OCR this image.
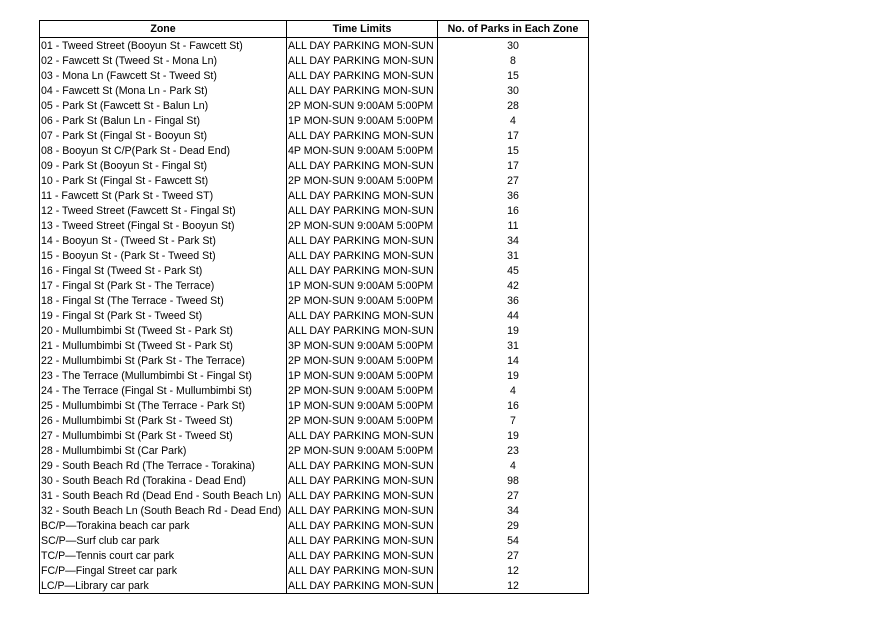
Zone	Time Limits	No. of Parks in Each Zone
01 - Tweed Street (Booyun St - Fawcett St)	ALL DAY PARKING MON-SUN	30
02 - Fawcett St (Tweed St - Mona Ln)	ALL DAY PARKING MON-SUN	8
03 - Mona Ln (Fawcett St - Tweed St)	ALL DAY PARKING MON-SUN	15
04 - Fawcett St (Mona Ln - Park St)	ALL DAY PARKING MON-SUN	30
05 - Park St (Fawcett St - Balun Ln)	2P MON-SUN 9:00AM 5:00PM	28
06 - Park St (Balun Ln - Fingal St)	1P MON-SUN 9:00AM 5:00PM	4
07 - Park St (Fingal St - Booyun St)	ALL DAY PARKING MON-SUN	17
08 - Booyun St C/P(Park St - Dead End)	4P MON-SUN 9:00AM 5:00PM	15
09 - Park St (Booyun St - Fingal St)	ALL DAY PARKING MON-SUN	17
10 - Park St (Fingal St - Fawcett St)	2P MON-SUN 9:00AM 5:00PM	27
11 - Fawcett St (Park St - Tweed ST)	ALL DAY PARKING MON-SUN	36
12 - Tweed Street (Fawcett St - Fingal St)	ALL DAY PARKING MON-SUN	16
13 - Tweed Street (Fingal St - Booyun St)	2P MON-SUN 9:00AM 5:00PM	11
14 - Booyun St - (Tweed St - Park St)	ALL DAY PARKING MON-SUN	34
15 - Booyun St - (Park St - Tweed St)	ALL DAY PARKING MON-SUN	31
16 - Fingal St (Tweed St - Park St)	ALL DAY PARKING MON-SUN	45
17 - Fingal St (Park St - The Terrace)	1P MON-SUN 9:00AM 5:00PM	42
18 - Fingal St (The Terrace - Tweed St)	2P MON-SUN 9:00AM 5:00PM	36
19 - Fingal St (Park St - Tweed St)	ALL DAY PARKING MON-SUN	44
20 - Mullumbimbi St (Tweed St - Park St)	ALL DAY PARKING MON-SUN	19
21 - Mullumbimbi St (Tweed St - Park St)	3P MON-SUN 9:00AM 5:00PM	31
22 - Mullumbimbi St (Park St - The Terrace)	2P MON-SUN 9:00AM 5:00PM	14
23 - The Terrace (Mullumbimbi St - Fingal St)	1P MON-SUN 9:00AM 5:00PM	19
24 - The Terrace (Fingal St - Mullumbimbi St)	2P MON-SUN 9:00AM 5:00PM	4
25 - Mullumbimbi St (The Terrace - Park St)	1P MON-SUN 9:00AM 5:00PM	16
26 - Mullumbimbi St (Park St - Tweed St)	2P MON-SUN 9:00AM 5:00PM	7
27 - Mullumbimbi St (Park St - Tweed St)	ALL DAY PARKING MON-SUN	19
28 - Mullumbimbi St (Car Park)	2P MON-SUN 9:00AM 5:00PM	23
29 - South Beach Rd (The Terrace - Torakina)	ALL DAY PARKING MON-SUN	4
30 - South Beach Rd (Torakina - Dead End)	ALL DAY PARKING MON-SUN	98
31 - South Beach Rd (Dead End - South Beach Ln)	ALL DAY PARKING MON-SUN	27
32 - South Beach Ln (South Beach Rd - Dead End)	ALL DAY PARKING MON-SUN	34
BC/P—Torakina beach car park	ALL DAY PARKING MON-SUN	29
SC/P—Surf club car park	ALL DAY PARKING MON-SUN	54
TC/P—Tennis court car park	ALL DAY PARKING MON-SUN	27
FC/P—Fingal Street car park	ALL DAY PARKING MON-SUN	12
LC/P—Library car park	ALL DAY PARKING MON-SUN	12
